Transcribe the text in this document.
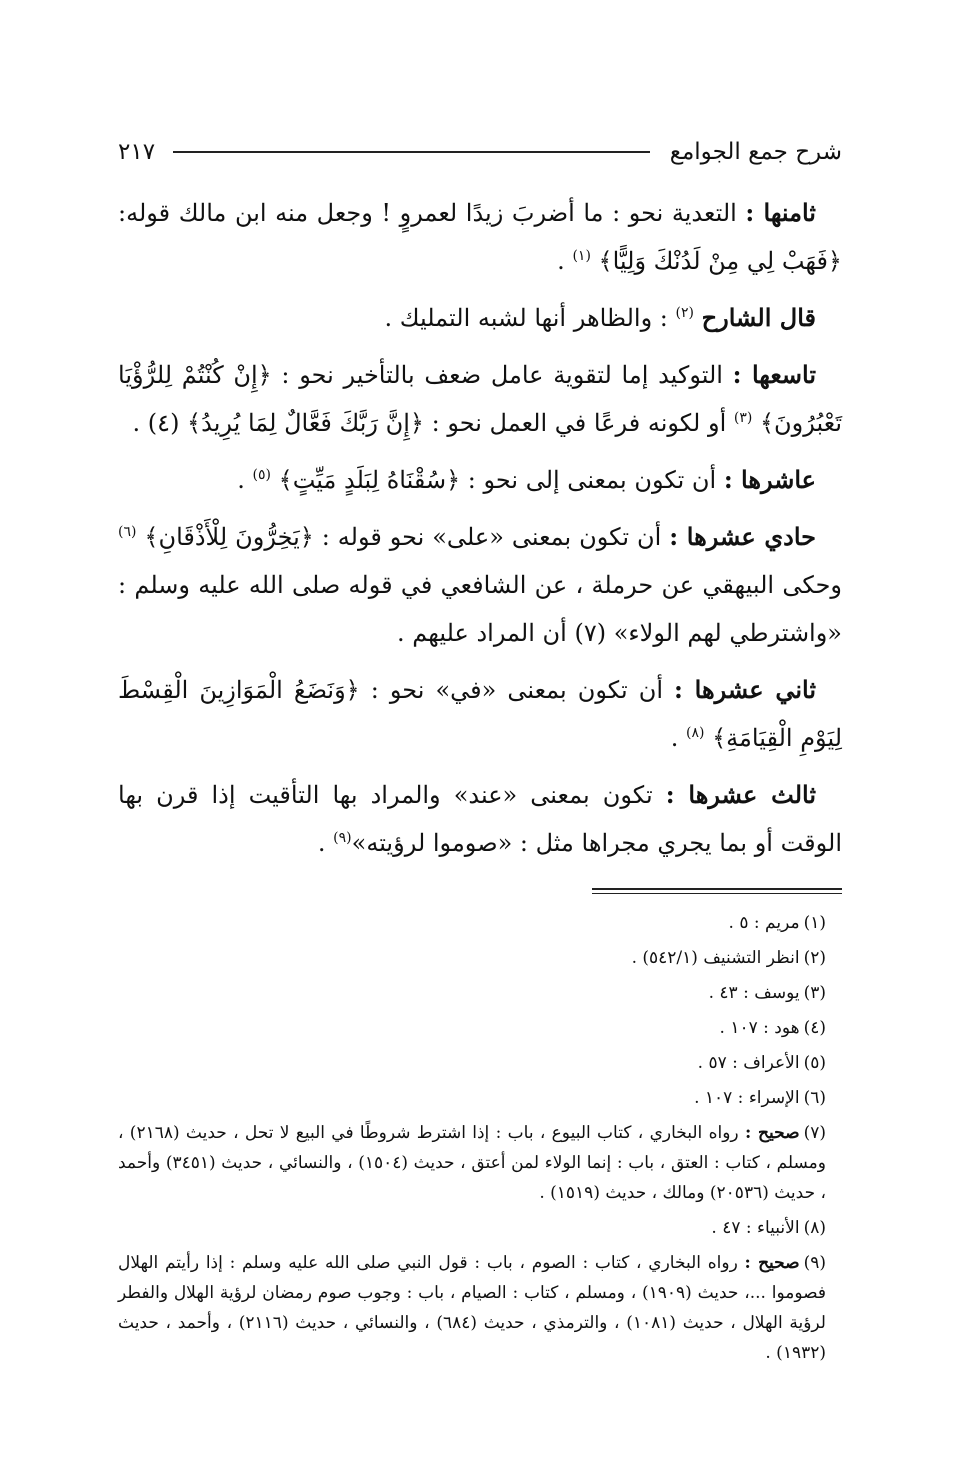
شرح جمع الجوامع
٢١٧

ثامنها : التعدية نحو : ما أضربَ زيدًا لعمروٍ ! وجعل منه ابن مالك قوله: ﴿فَهَبْ لِي مِنْ لَدُنْكَ وَلِيًّا﴾ $^{(١)}$ .

قال الشارح $^{(٢)}$ : والظاهر أنها لشبه التمليك .

تاسعها : التوكيد إما لتقوية عامل ضعف بالتأخير نحو : ﴿إِنْ كُنْتُمْ لِلرُّؤْيَا تَعْبُرُونَ﴾ $^{(٣)}$ أو لكونه فرعًا في العمل نحو : ﴿إِنَّ رَبَّكَ فَعَّالٌ لِمَا يُرِيدُ﴾ (٤) .

عاشرها : أن تكون بمعنى إلى نحو : ﴿سُقْنَاهُ لِبَلَدٍ مَيِّتٍ﴾ $^{(٥)}$ .

حادي عشرها : أن تكون بمعنى «على» نحو قوله : ﴿يَخِرُّونَ لِلْأَذْقَانِ﴾ $^{(٦)}$ وحكى البيهقي عن حرملة ، عن الشافعي في قوله صلى الله عليه وسلم : «واشترطي لهم الولاء» (٧) أن المراد عليهم .

ثاني عشرها : أن تكون بمعنى «في» نحو : ﴿وَنَضَعُ الْمَوَازِينَ الْقِسْطَ لِيَوْمِ الْقِيَامَةِ﴾ $^{(٨)}$ .

ثالث عشرها : تكون بمعنى «عند» والمراد بها التأقيت إذا قرن بها الوقت أو بما يجري مجراها مثل : «صوموا لرؤيته»$^{(٩)}$ .

(١)مريم : ٥ .

(٢)انظر التشنيف (٥٤٢/١) .

(٣)يوسف : ٤٣ .

(٤)هود : ١٠٧ .

(٥)الأعراف : ٥٧ .

(٦)الإسراء : ١٠٧ .

(٧)صحيح : رواه البخاري ، كتاب البيوع ، باب : إذا اشترط شروطًا في البيع لا تحل ، حديث (٢١٦٨) ، ومسلم ، كتاب : العتق ، باب : إنما الولاء لمن أعتق ، حديث (١٥٠٤) ، والنسائي ، حديث (٣٤٥١) وأحمد ، حديث (٢٠٥٣٦) ومالك ، حديث (١٥١٩) .

(٨)الأنبياء : ٤٧ .

(٩)صحيح : رواه البخاري ، كتاب : الصوم ، باب : قول النبي صلى الله عليه وسلم : إذا رأيتم الهلال فصوموا ...، حديث (١٩٠٩) ، ومسلم ، كتاب : الصيام ، باب : وجوب صوم رمضان لرؤية الهلال والفطر لرؤية الهلال ، حديث (١٠٨١) ، والترمذي ، حديث (٦٨٤) ، والنسائي ، حديث (٢١١٦) ، وأحمد ، حديث (١٩٣٢) .
